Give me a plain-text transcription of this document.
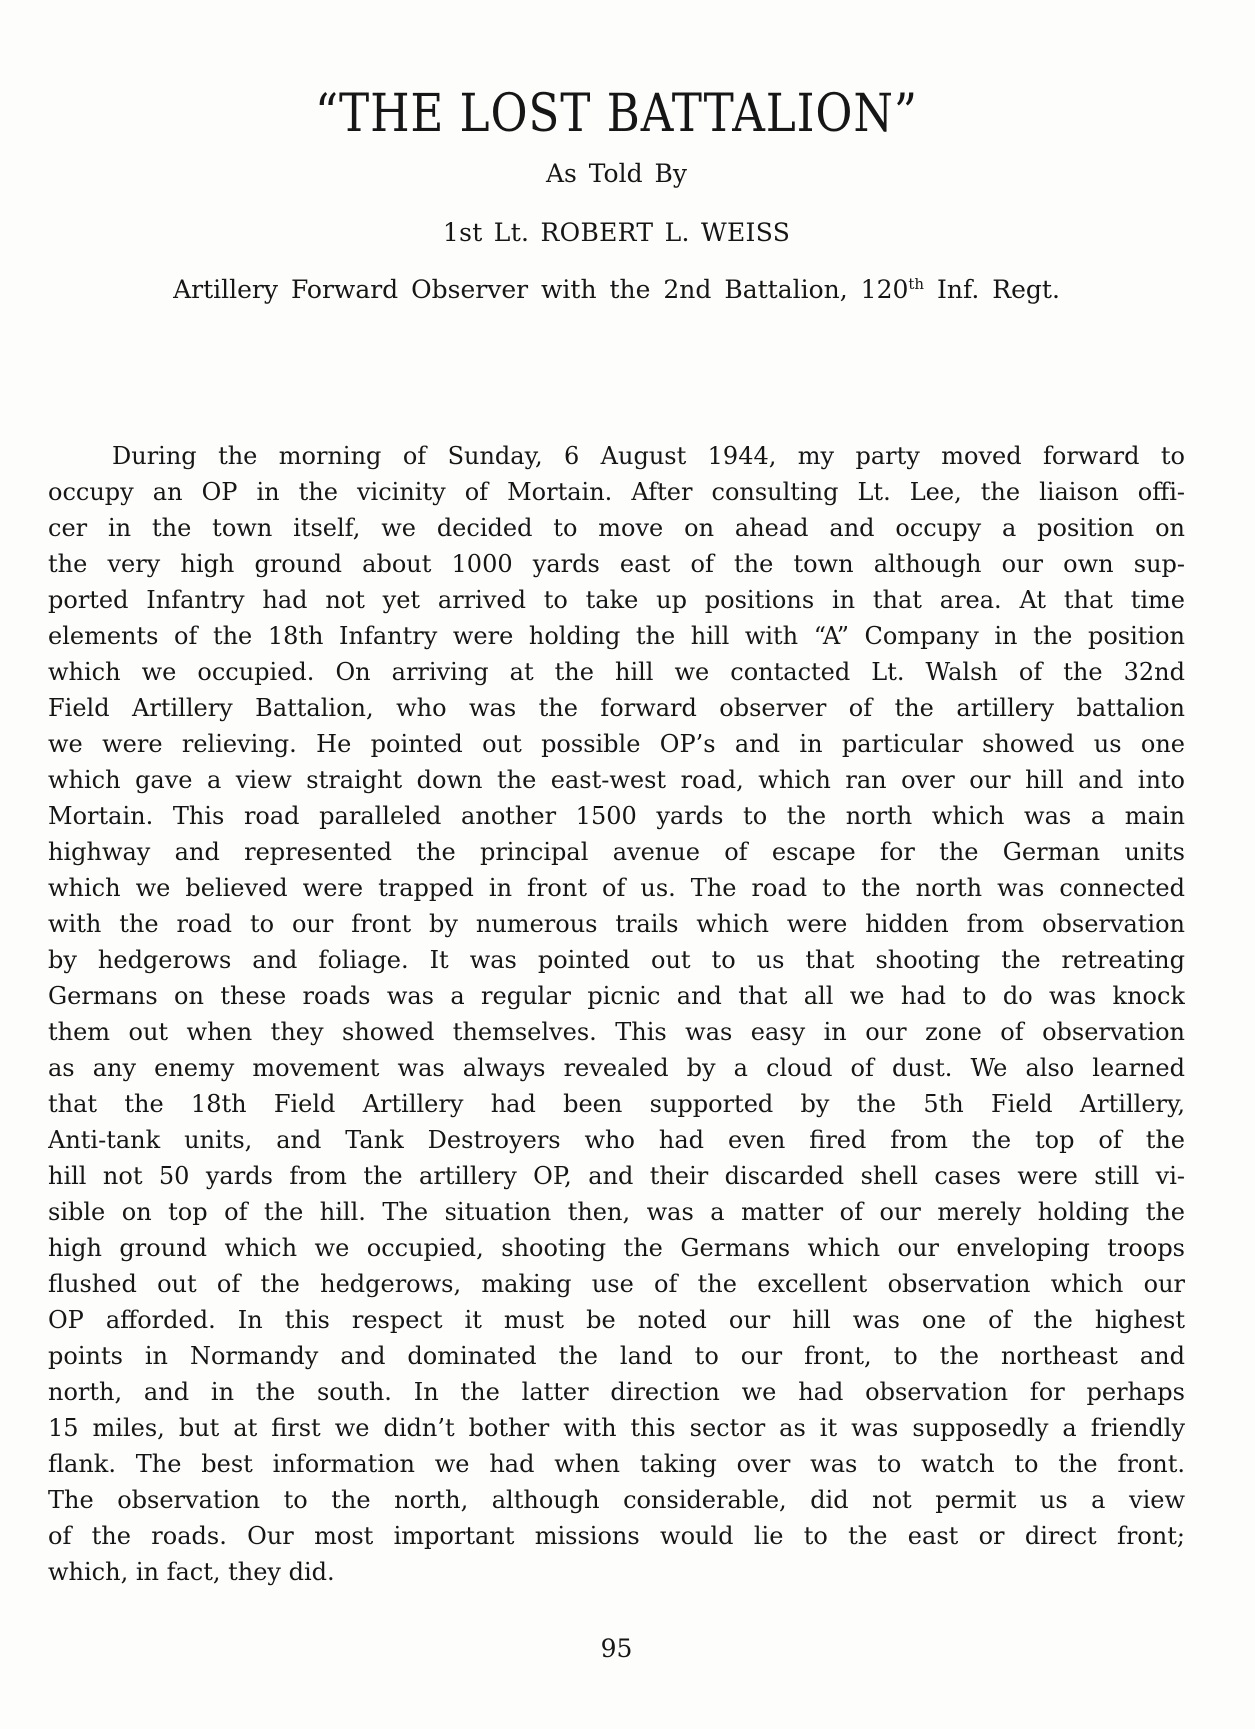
“THE LOST BATTALION”
As Told By
1st Lt. ROBERT L. WEISS
Artillery Forward Observer with the 2nd Battalion, 120th Inf. Regt.
During the morning of Sunday, 6 August 1944, my party moved forward to
occupy an OP in the vicinity of Mortain. After consulting Lt. Lee, the liaison offi-
cer in the town itself, we decided to move on ahead and occupy a position on
the very high ground about 1000 yards east of the town although our own sup-
ported Infantry had not yet arrived to take up positions in that area. At that time
elements of the 18th Infantry were holding the hill with “A” Company in the position
which we occupied. On arriving at the hill we contacted Lt. Walsh of the 32nd
Field Artillery Battalion, who was the forward observer of the artillery battalion
we were relieving. He pointed out possible OP’s and in particular showed us one
which gave a view straight down the east-west road, which ran over our hill and into
Mortain. This road paralleled another 1500 yards to the north which was a main
highway and represented the principal avenue of escape for the German units
which we believed were trapped in front of us. The road to the north was connected
with the road to our front by numerous trails which were hidden from observation
by hedgerows and foliage. It was pointed out to us that shooting the retreating
Germans on these roads was a regular picnic and that all we had to do was knock
them out when they showed themselves. This was easy in our zone of observation
as any enemy movement was always revealed by a cloud of dust. We also learned
that the 18th Field Artillery had been supported by the 5th Field Artillery,
Anti-tank units, and Tank Destroyers who had even fired from the top of the
hill not 50 yards from the artillery OP, and their discarded shell cases were still vi-
sible on top of the hill. The situation then, was a matter of our merely holding the
high ground which we occupied, shooting the Germans which our enveloping troops
flushed out of the hedgerows, making use of the excellent observation which our
OP afforded. In this respect it must be noted our hill was one of the highest
points in Normandy and dominated the land to our front, to the northeast and
north, and in the south. In the latter direction we had observation for perhaps
15 miles, but at first we didn’t bother with this sector as it was supposedly a friendly
flank. The best information we had when taking over was to watch to the front.
The observation to the north, although considerable, did not permit us a view
of the roads. Our most important missions would lie to the east or direct front;
which, in fact, they did.
95
